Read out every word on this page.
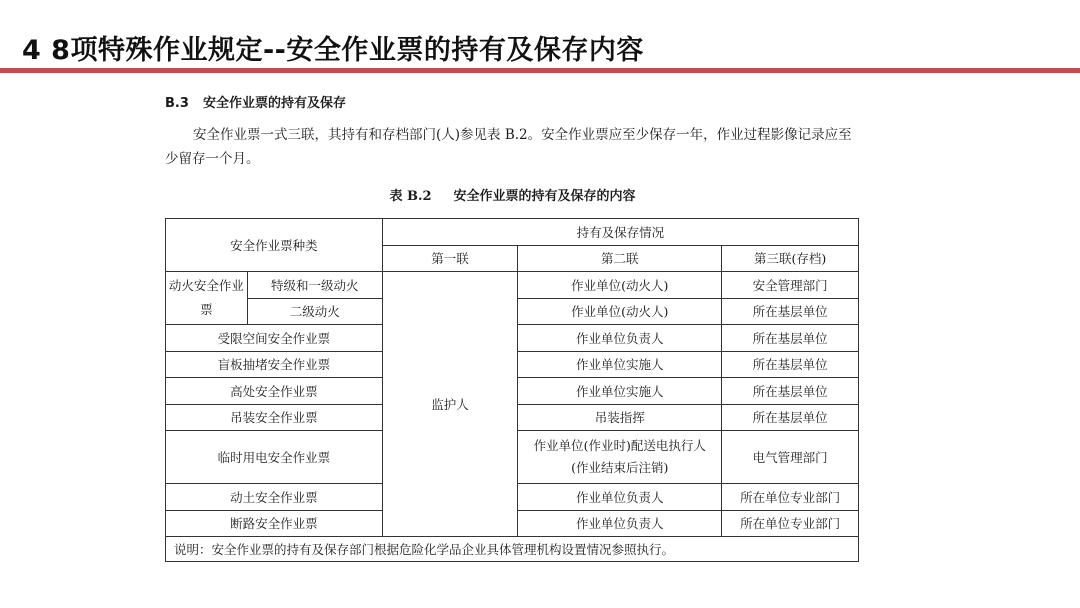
4 8项特殊作业规定--安全作业票的持有及保存内容
B.3 安全作业票的持有及保存

安全作业票一式三联，其持有和存档部门(人)参见表 B.2。安全作业票应至少保存一年，作业过程影像记录应至少留存一个月。

表 B.2 安全作业票的持有及保存的内容
安全作业票种类		持有及保存情况		
		第一联	第二联	第三联(存档)
动火安全作业票	特级和一级动火	监护人	作业单位(动火人)	安全管理部门
	二级动火		作业单位(动火人)	所在基层单位
受限空间安全作业票			作业单位负责人	所在基层单位
盲板抽堵安全作业票			作业单位实施人	所在基层单位
高处安全作业票			作业单位实施人	所在基层单位
吊装安全作业票			吊装指挥	所在基层单位
临时用电安全作业票			作业单位(作业时)配送电执行人(作业结束后注销)	电气管理部门
动土安全作业票			作业单位负责人	所在单位专业部门
断路安全作业票			作业单位负责人	所在单位专业部门
说明：安全作业票的持有及保存部门根据危险化学品企业具体管理机构设置情况参照执行。				
